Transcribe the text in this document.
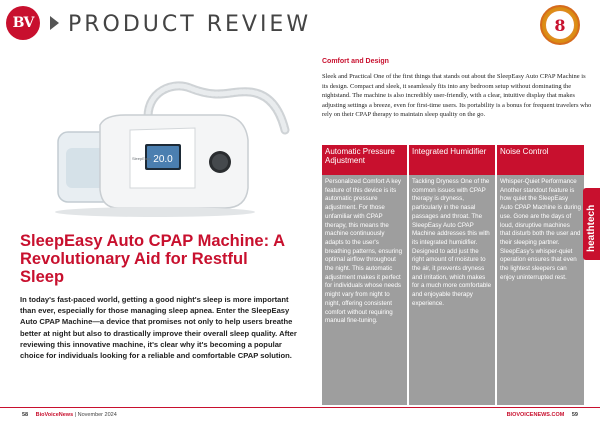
BV	PRODUCT REVIEW	8
20.0
SleepEasy
Comfort and Design
Sleek and Practical One of the first things that stands out about the SleepEasy Auto CPAP Machine is its design. Compact and sleek, it seamlessly fits into any bedroom setup without dominating the nightstand. The machine is also incredibly user-friendly, with a clear, intuitive display that makes adjusting settings a breeze, even for first-time users. Its portability is a bonus for frequent travelers who rely on their CPAP therapy to maintain sleep quality on the go.
Automatic Pressure Adjustment
Personalized Comfort A key feature of this device is its automatic pressure adjustment. For those unfamiliar with CPAP therapy, this means the machine continuously adapts to the user's breathing patterns, ensuring optimal airflow throughout the night. This automatic adjustment makes it perfect for individuals whose needs might vary from night to night, offering consistent comfort without requiring manual fine-tuning.
Integrated Humidifier
Tackling Dryness One of the common issues with CPAP therapy is dryness, particularly in the nasal passages and throat. The SleepEasy Auto CPAP Machine addresses this with its integrated humidifier. Designed to add just the right amount of moisture to the air, it prevents dryness and irritation, which makes for a much more comfortable and enjoyable therapy experience.
Noise Control
Whisper-Quiet Performance Another standout feature is how quiet the SleepEasy Auto CPAP Machine is during use. Gone are the days of loud, disruptive machines that disturb both the user and their sleeping partner. SleepEasy's whisper-quiet operation ensures that even the lightest sleepers can enjoy uninterrupted rest.
heathtech
SleepEasy Auto CPAP Machine: A Revolutionary Aid for Restful Sleep
In today's fast-paced world, getting a good night's sleep is more important than ever, especially for those managing sleep apnea. Enter the SleepEasy Auto CPAP Machine—a device that promises not only to help users breathe better at night but also to drastically improve their overall sleep quality. After reviewing this innovative machine, it's clear why it's becoming a popular choice for individuals looking for a reliable and comfortable CPAP solution.
58 BioVoiceNews | November 2024	BIOVOICENEWS.COM 59
